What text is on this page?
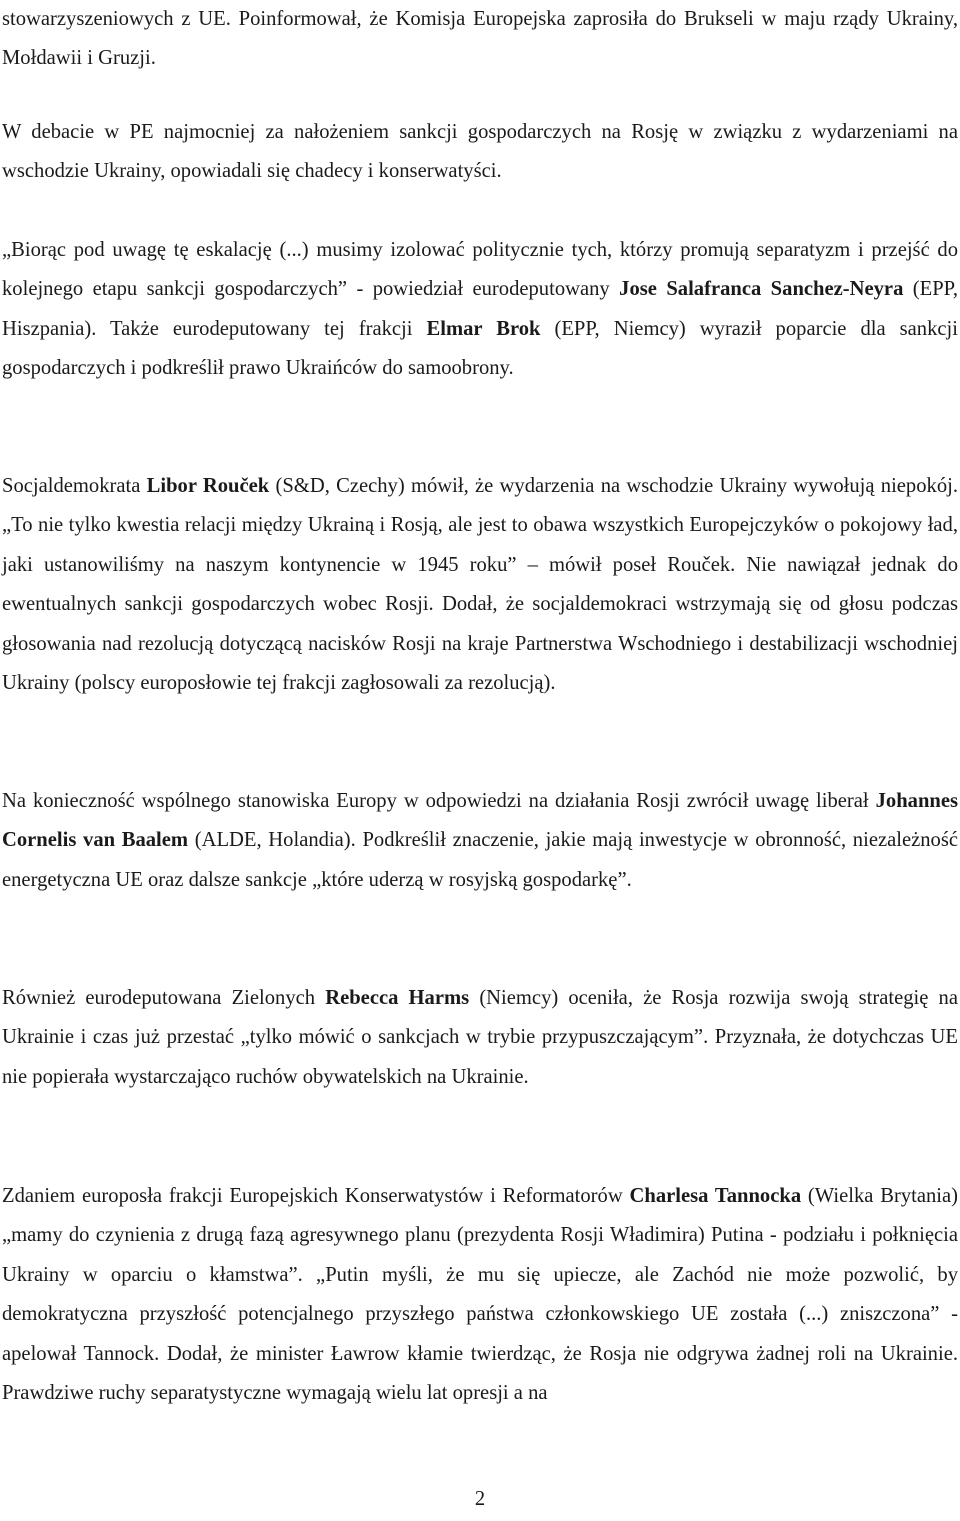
stowarzyszeniowych z UE. Poinformował, że Komisja Europejska zaprosiła do Brukseli w maju rządy Ukrainy, Mołdawii i Gruzji.

W debacie w PE najmocniej za nałożeniem sankcji gospodarczych na Rosję w związku z wydarzeniami na wschodzie Ukrainy, opowiadali się chadecy i konserwatyści.

„Biorąc pod uwagę tę eskalację (...) musimy izolować politycznie tych, którzy promują separatyzm i przejść do kolejnego etapu sankcji gospodarczych” - powiedział eurodeputowany Jose Salafranca Sanchez-Neyra (EPP, Hiszpania). Także eurodeputowany tej frakcji Elmar Brok (EPP, Niemcy) wyraził poparcie dla sankcji gospodarczych i podkreślił prawo Ukraińców do samoobrony.

Socjaldemokrata Libor Rouček (S&D, Czechy) mówił, że wydarzenia na wschodzie Ukrainy wywołują niepokój. „To nie tylko kwestia relacji między Ukrainą i Rosją, ale jest to obawa wszystkich Europejczyków o pokojowy ład, jaki ustanowiliśmy na naszym kontynencie w 1945 roku” – mówił poseł Rouček. Nie nawiązał jednak do ewentualnych sankcji gospodarczych wobec Rosji. Dodał, że socjaldemokraci wstrzymają się od głosu podczas głosowania nad rezolucją dotyczącą nacisków Rosji na kraje Partnerstwa Wschodniego i destabilizacji wschodniej Ukrainy (polscy europosłowie tej frakcji zagłosowali za rezolucją).

Na konieczność wspólnego stanowiska Europy w odpowiedzi na działania Rosji zwrócił uwagę liberał Johannes Cornelis van Baalem (ALDE, Holandia). Podkreślił znaczenie, jakie mają inwestycje w obronność, niezależność energetyczna UE oraz dalsze sankcje „które uderzą w rosyjską gospodarkę”.

Również eurodeputowana Zielonych Rebecca Harms (Niemcy) oceniła, że Rosja rozwija swoją strategię na Ukrainie i czas już przestać „tylko mówić o sankcjach w trybie przypuszczającym”. Przyznała, że dotychczas UE nie popierała wystarczająco ruchów obywatelskich na Ukrainie.

Zdaniem europosła frakcji Europejskich Konserwatystów i Reformatorów Charlesa Tannocka (Wielka Brytania) „mamy do czynienia z drugą fazą agresywnego planu (prezydenta Rosji Władimira) Putina - podziału i połknięcia Ukrainy w oparciu o kłamstwa”. „Putin myśli, że mu się upiecze, ale Zachód nie może pozwolić, by demokratyczna przyszłość potencjalnego przyszłego państwa członkowskiego UE została (...) zniszczona” - apelował Tannock. Dodał, że minister Ławrow kłamie twierdząc, że Rosja nie odgrywa żadnej roli na Ukrainie. Prawdziwe ruchy separatystyczne wymagają wielu lat opresji a na

2
